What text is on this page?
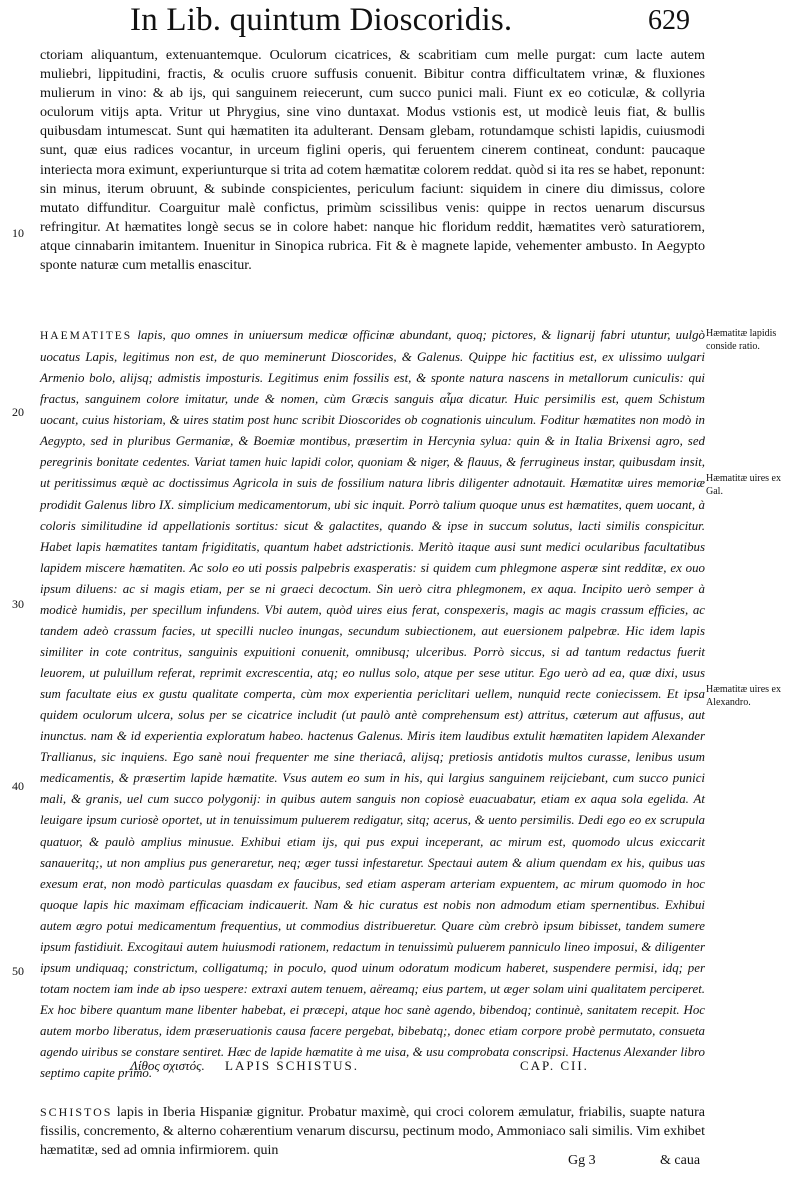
In Lib. quintum Dioscoridis.	629

ctoriam aliquantum, extenuantemque. Oculorum cicatrices, & scabritiam cum melle purgat: cum lacte autem muliebri, lippitudini, fractis, & oculis cruore suffusis conuenit. Bibitur contra difficultatem vrinæ, & fluxiones mulierum in vino: & ab ijs, qui sanguinem reiecerunt, cum succo punici mali. Fiunt ex eo coticulæ, & collyria oculorum vitijs apta. Vritur ut Phrygius, sine vino duntaxat. Modus vstionis est, ut modicè leuis fiat, & bullis quibusdam intumescat. Sunt qui hæmatiten ita adulterant. Densam glebam, rotundamque schisti lapidis, cuiusmodi sunt, quæ eius radices vocantur, in urceum figlini operis, qui feruentem cinerem contineat, condunt: paucaque interiecta mora eximunt, experiunturque si trita ad cotem hæmatitæ colorem reddat. quòd si ita res se habet, reponunt: sin minus, iterum obruunt, & subinde conspicientes, periculum faciunt: siquidem in cinere diu dimissus, colore mutato diffunditur. Coarguitur malè confictus, primùm scissilibus venis: quippe in rectos uenarum discursus refringitur. At hæmatites longè secus se in colore habet: nanque hic floridum reddit, hæmatites verò saturatiorem, atque cinnabarin imitantem. Inuenitur in Sinopica rubrica. Fit & è magnete lapide, vehementer ambusto. In Aegypto sponte naturæ cum metallis enascitur.

10
20
30
40
50

HAEMATITES lapis, quo omnes in uniuersum medicæ officinæ abundant, quoq; pictores, & lignarij fabri utuntur, uulgò uocatus Lapis, legitimus non est, de quo meminerunt Dioscorides, & Galenus. Quippe hic factitius est, ex ulissimo uulgari Armenio bolo, alijsq; admistis imposturis. Legitimus enim fossilis est, & sponte natura nascens in metallorum cuniculis: qui fractus, sanguinem colore imitatur, unde & nomen, cùm Græcis sanguis αἷμα dicatur. Huic persimilis est, quem Schistum uocant, cuius historiam, & uires statim post hunc scribit Dioscorides ob cognationis uinculum. Foditur hæmatites non modò in Aegypto, sed in pluribus Germaniæ, & Boemiæ montibus, præsertim in Hercynia sylua: quin & in Italia Brixensi agro, sed peregrinis bonitate cedentes. Variat tamen huic lapidi color, quoniam & niger, & flauus, & ferrugineus instar, quibusdam insit, ut peritissimus æquè ac doctissimus Agricola in suis de fossilium natura libris diligenter adnotauit. Hæmatitæ uires memoriæ prodidit Galenus libro IX. simplicium medicamentorum, ubi sic inquit. Porrò talium quoque unus est hæmatites, quem uocant, à coloris similitudine id appellationis sortitus: sicut & galactites, quando & ipse in succum solutus, lacti similis conspicitur. Habet lapis hæmatites tantam frigiditatis, quantum habet adstrictionis. Meritò itaque ausi sunt medici ocularibus facultatibus lapidem miscere hæmatiten. Ac solo eo uti possis palpebris exasperatis: si quidem cum phlegmone asperæ sint redditæ, ex ouo ipsum diluens: ac si magis etiam, per se ni graeci decoctum. Sin uerò citra phlegmonem, ex aqua. Incipito uerò semper à modicè humidis, per specillum infundens. Vbi autem, quòd uires eius ferat, conspexeris, magis ac magis crassum efficies, ac tandem adeò crassum facies, ut specilli nucleo inungas, secundum subiectionem, aut euersionem palpebræ. Hic idem lapis similiter in cote contritus, sanguinis expuitioni conuenit, omnibusq; ulceribus. Porrò siccus, si ad tantum redactus fuerit leuorem, ut puluillum referat, reprimit excrescentia, atq; eo nullus solo, atque per sese utitur. Ego uerò ad ea, quæ dixi, usus sum facultate eius ex gustu qualitate comperta, cùm mox experientia periclitari uellem, nunquid recte coniecissem. Et ipsa quidem oculorum ulcera, solus per se cicatrice includit (ut paulò antè comprehensum est) attritus, cæterum aut affusus, aut inunctus. nam & id experientia exploratum habeo. hactenus Galenus. Miris item laudibus extulit hæmatiten lapidem Alexander Trallianus, sic inquiens. Ego sanè noui frequenter me sine theriacâ, alijsq; pretiosis antidotis multos curasse, lenibus usum medicamentis, & præsertim lapide hæmatite. Vsus autem eo sum in his, qui largius sanguinem reijciebant, cum succo punici mali, & granis, uel cum succo polygonij: in quibus autem sanguis non copiosè euacuabatur, etiam ex aqua sola egelida. At leuigare ipsum curiosè oportet, ut in tenuissimum puluerem redigatur, sitq; acerus, & uento persimilis. Dedi ego eo ex scrupula quatuor, & paulò amplius minusue. Exhibui etiam ijs, qui pus expui inceperant, ac mirum est, quomodo ulcus exiccarit sanaueritq;, ut non amplius pus generaretur, neq; æger tussi infestaretur. Spectaui autem & alium quendam ex his, quibus uas exesum erat, non modò particulas quasdam ex faucibus, sed etiam asperam arteriam expuentem, ac mirum quomodo in hoc quoque lapis hic maximam efficaciam indicauerit. Nam & hic curatus est nobis non admodum etiam spernentibus. Exhibui autem ægro potui medicamentum frequentius, ut commodius distribueretur. Quare cùm crebrò ipsum bibisset, tandem sumere ipsum fastidiuit. Excogitaui autem huiusmodi rationem, redactum in tenuissimù puluerem panniculo lineo imposui, & diligenter ipsum undiquaq; constrictum, colligatumq; in poculo, quod uinum odoratum modicum haberet, suspendere permisi, idq; per totam noctem iam inde ab ipso uespere: extraxi autem tenuem, aëreamq; eius partem, ut æger solam uini qualitatem perciperet. Ex hoc bibere quantum mane libenter habebat, ei præcepi, atque hoc sanè agendo, bibendoq; continuè, sanitatem recepit. Hoc autem morbo liberatus, idem præseruationis causa facere pergebat, bibebatq;, donec etiam corpore probè permutato, consueta agendo uiribus se constare sentiret. Hæc de lapide hæmatite à me uisa, & usu comprobata conscripsi. Hactenus Alexander libro septimo capite primo.

Hæmatitæ lapidis conside ratio.
Hæmatitæ uires ex Gal.
Hæmatitæ uires ex Alexandro.
Λίθος σχιστός. LAPIS SCHISTUS.	CAP. CII.

SCHISTOS lapis in Iberia Hispaniæ gignitur. Probatur maximè, qui croci colorem æmulatur, friabilis, suapte natura fissilis, concremento, & alterno cohærentium venarum discursu, pectinum modo, Ammoniaco sali similis. Vim exhibet hæmatitæ, sed ad omnia infirmiorem. quin

Gg 3	& caua
